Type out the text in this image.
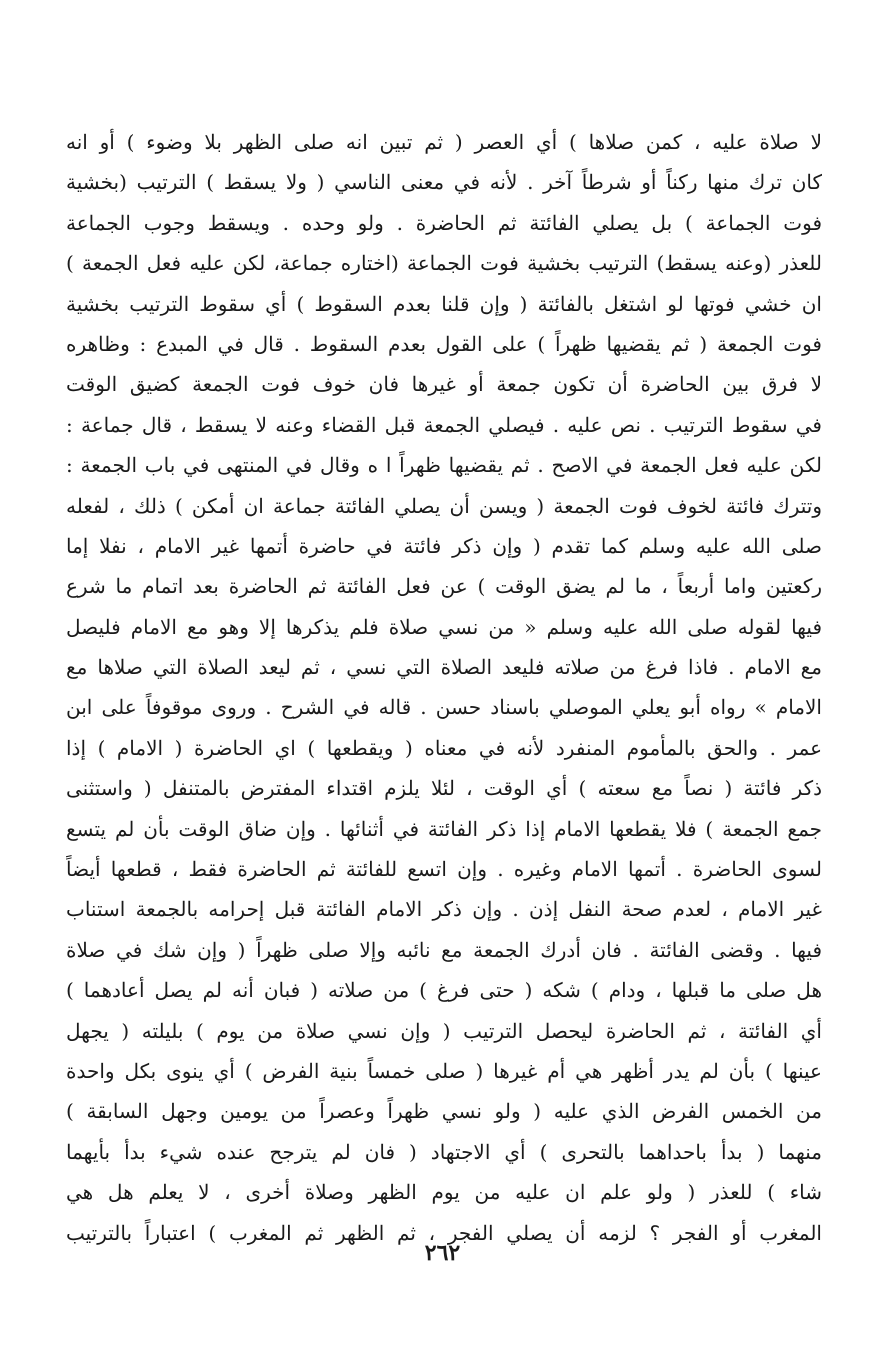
لا صلاة عليه ، كمن صلاها ) أي العصر ( ثم تبين انه صلى الظهر بلا وضوء ) أو انه
كان ترك منها ركناً أو شرطاً آخر . لأنه في معنى الناسي ( ولا يسقط ) الترتيب (بخشية
فوت الجماعة ) بل يصلي الفائتة ثم الحاضرة . ولو وحده . ويسقط وجوب الجماعة
للعذر (وعنه يسقط) الترتيب بخشية فوت الجماعة (اختاره جماعة، لكن عليه فعل الجمعة )
ان خشي فوتها لو اشتغل بالفائتة ( وإن قلنا بعدم السقوط ) أي سقوط الترتيب بخشية
فوت الجمعة ( ثم يقضيها ظهراً ) على القول بعدم السقوط . قال في المبدع : وظاهره
لا فرق بين الحاضرة أن تكون جمعة أو غيرها فان خوف فوت الجمعة كضيق الوقت
في سقوط الترتيب . نص عليه . فيصلي الجمعة قبل القضاء وعنه لا يسقط ، قال جماعة :
لكن عليه فعل الجمعة في الاصح . ثم يقضيها ظهراً ا ه وقال في المنتهى في باب الجمعة :
وتترك فائتة لخوف فوت الجمعة ( ويسن أن يصلي الفائتة جماعة ان أمكن ) ذلك ، لفعله
صلى الله عليه وسلم كما تقدم ( وإن ذكر فائتة في حاضرة أتمها غير الامام ، نفلا إما
ركعتين واما أربعاً ، ما لم يضق الوقت ) عن فعل الفائتة ثم الحاضرة بعد اتمام ما شرع
فيها لقوله صلى الله عليه وسلم « من نسي صلاة فلم يذكرها إلا وهو مع الامام فليصل
مع الامام . فاذا فرغ من صلاته فليعد الصلاة التي نسي ، ثم ليعد الصلاة التي صلاها مع
الامام » رواه أبو يعلي الموصلي باسناد حسن . قاله في الشرح . وروى موقوفاً على ابن
عمر . والحق بالمأموم المنفرد لأنه في معناه ( ويقطعها ) اي الحاضرة ( الامام ) إذا
ذكر فائتة ( نصاً مع سعته ) أي الوقت ، لئلا يلزم اقتداء المفترض بالمتنفل ( واستثنى
جمع الجمعة ) فلا يقطعها الامام إذا ذكر الفائتة في أثنائها . وإن ضاق الوقت بأن لم يتسع
لسوى الحاضرة . أتمها الامام وغيره . وإن اتسع للفائتة ثم الحاضرة فقط ، قطعها أيضاً
غير الامام ، لعدم صحة النفل إذن . وإن ذكر الامام الفائتة قبل إحرامه بالجمعة استناب
فيها . وقضى الفائتة . فان أدرك الجمعة مع نائبه وإلا صلى ظهراً ( وإن شك في صلاة
هل صلى ما قبلها ، ودام ) شكه ( حتى فرغ ) من صلاته ( فبان أنه لم يصل أعادهما )
أي الفائتة ، ثم الحاضرة ليحصل الترتيب ( وإن نسي صلاة من يوم ) بليلته ( يجهل
عينها ) بأن لم يدر أظهر هي أم غيرها ( صلى خمساً بنية الفرض ) أي ينوى بكل واحدة
من الخمس الفرض الذي عليه ( ولو نسي ظهراً وعصراً من يومين وجهل السابقة )
منهما ( بدأ باحداهما بالتحرى ) أي الاجتهاد ( فان لم يترجح عنده شيء بدأ بأيهما
شاء ) للعذر ( ولو علم ان عليه من يوم الظهر وصلاة أخرى ، لا يعلم هل هي
المغرب أو الفجر ؟ لزمه أن يصلي الفجر ، ثم الظهر ثم المغرب ) اعتباراً بالترتيب
٢٦٢
